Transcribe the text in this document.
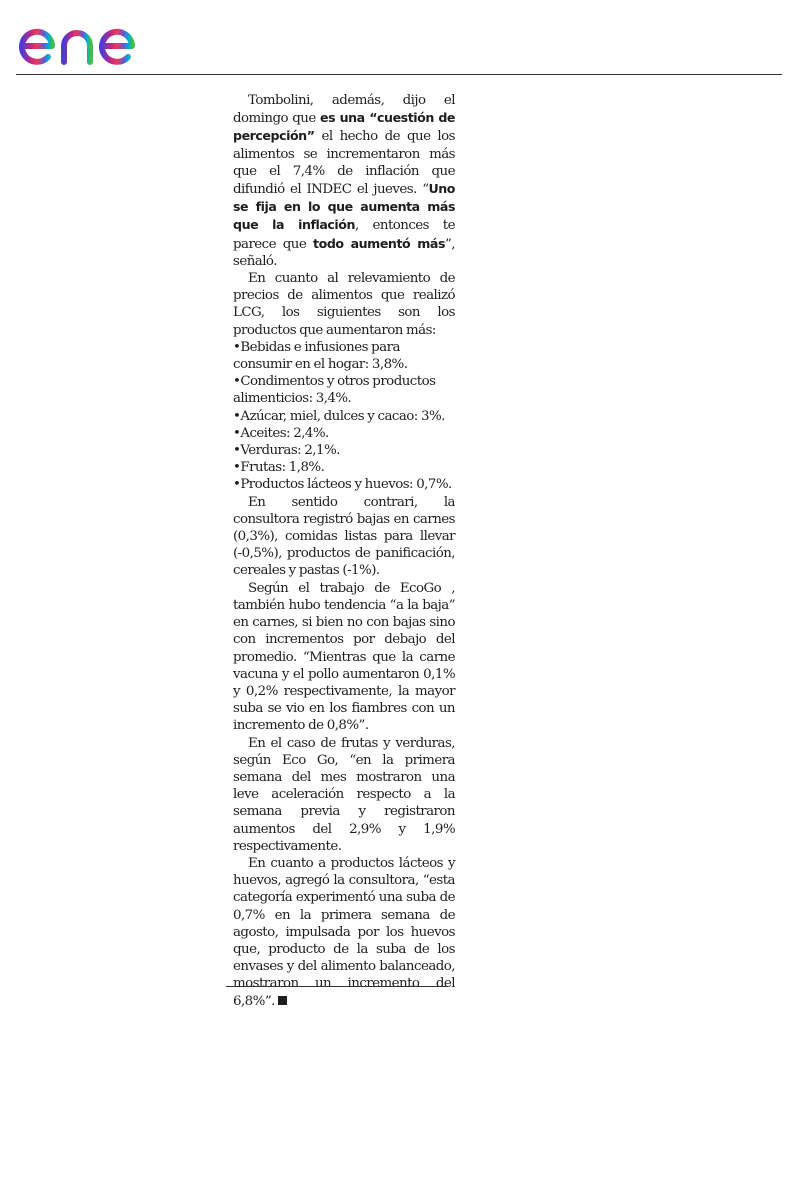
enel

Tombolini, además, dijo el domingo que es una “cuestión de percepción” el hecho de que los alimentos se incrementaron más que el 7,4% de inflación que difundió el INDEC el jueves. “Uno se fija en lo que aumenta más que la inflación, entonces te parece que todo aumentó más”, señaló.

En cuanto al relevamiento de precios de alimentos que realizó LCG, los siguientes son los productos que aumentaron más:

•Bebidas e infusiones para consumir en el hogar: 3,8%.

•Condimentos y otros productos alimenticios: 3,4%.

•Azúcar, miel, dulces y cacao: 3%.

•Aceites: 2,4%.

•Verduras: 2,1%.

•Frutas: 1,8%.

•Productos lácteos y huevos: 0,7%.

En sentido contrari, la consultora registró bajas en carnes (0,3%), comidas listas para llevar (-0,5%), productos de panificación, cereales y pastas (-1%).

Según el trabajo de EcoGo , también hubo tendencia “a la baja” en carnes, si bien no con bajas sino con incrementos por debajo del promedio. “Mientras que la carne vacuna y el pollo aumentaron 0,1% y 0,2% respectivamente, la mayor suba se vio en los fiambres con un incremento de 0,8%”.

En el caso de frutas y verduras, según Eco Go, “en la primera semana del mes mostraron una leve aceleración respecto a la semana previa y registraron aumentos del 2,9% y 1,9% respectivamente.

En cuanto a productos lácteos y huevos, agregó la consultora, “esta categoría experimentó una suba de 0,7% en la primera semana de agosto, impulsada por los huevos que, producto de la suba de los envases y del alimento balanceado, mostraron un incremento del 6,8%”.
